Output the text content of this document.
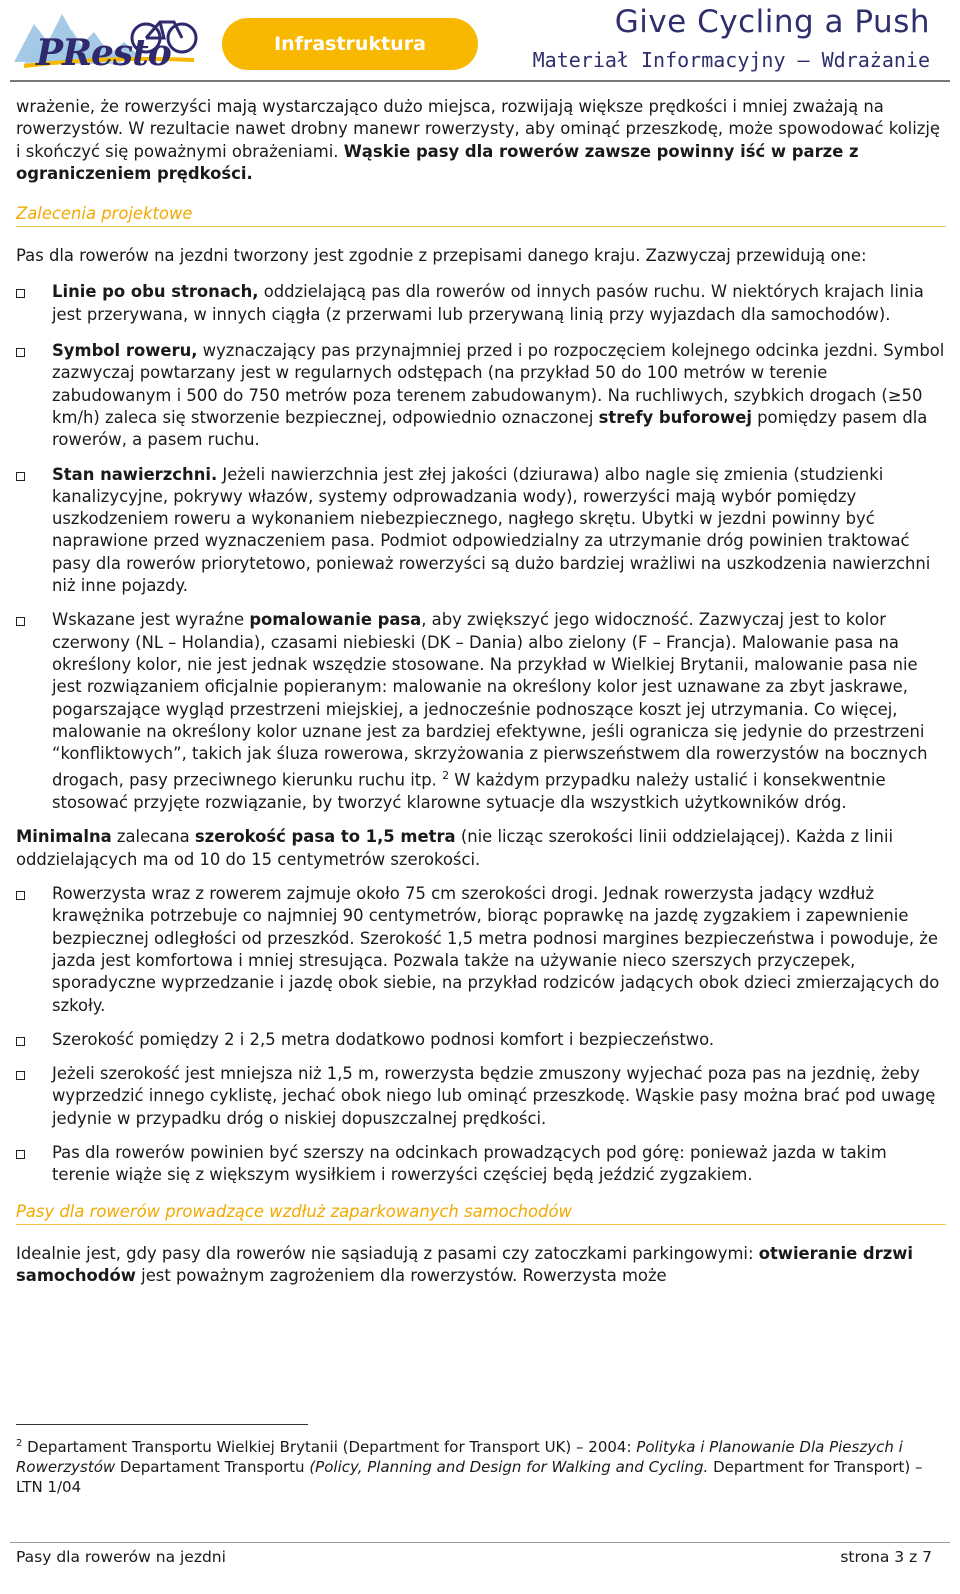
PResto	Infrastruktura
Give Cycling a Push
Materiał Informacyjny – Wdrażanie

wrażenie, że rowerzyści mają wystarczająco dużo miejsca, rozwijają większe prędkości i mniej zważają na rowerzystów. W rezultacie nawet drobny manewr rowerzysty, aby ominąć przeszkodę, może spowodować kolizję i skończyć się poważnymi obrażeniami. Wąskie pasy dla rowerów zawsze powinny iść w parze z ograniczeniem prędkości.

Zalecenia projektowe

Pas dla rowerów na jezdni tworzony jest zgodnie z przepisami danego kraju. Zazwyczaj przewidują one:

Linie po obu stronach, oddzielającą pas dla rowerów od innych pasów ruchu. W niektórych krajach linia jest przerywana, w innych ciągła (z przerwami lub przerywaną linią przy wyjazdach dla samochodów).
Symbol roweru, wyznaczający pas przynajmniej przed i po rozpoczęciem kolejnego odcinka jezdni. Symbol zazwyczaj powtarzany jest w regularnych odstępach (na przykład 50 do 100 metrów w terenie zabudowanym i 500 do 750 metrów poza terenem zabudowanym). Na ruchliwych, szybkich drogach (≥50 km/h) zaleca się stworzenie bezpiecznej, odpowiednio oznaczonej strefy buforowej pomiędzy pasem dla rowerów, a pasem ruchu.
Stan nawierzchni. Jeżeli nawierzchnia jest złej jakości (dziurawa) albo nagle się zmienia (studzienki kanalizycyjne, pokrywy włazów, systemy odprowadzania wody), rowerzyści mają wybór pomiędzy uszkodzeniem roweru a wykonaniem niebezpiecznego, nagłego skrętu. Ubytki w jezdni powinny być naprawione przed wyznaczeniem pasa. Podmiot odpowiedzialny za utrzymanie dróg powinien traktować pasy dla rowerów priorytetowo, ponieważ rowerzyści są dużo bardziej wrażliwi na uszkodzenia nawierzchni niż inne pojazdy.
Wskazane jest wyraźne pomalowanie pasa, aby zwiększyć jego widoczność. Zazwyczaj jest to kolor czerwony (NL – Holandia), czasami niebieski (DK – Dania) albo zielony (F – Francja). Malowanie pasa na określony kolor, nie jest jednak wszędzie stosowane. Na przykład w Wielkiej Brytanii, malowanie pasa nie jest rozwiązaniem oficjalnie popieranym: malowanie na określony kolor jest uznawane za zbyt jaskrawe, pogarszające wygląd przestrzeni miejskiej, a jednocześnie podnoszące koszt jej utrzymania. Co więcej, malowanie na określony kolor uznane jest za bardziej efektywne, jeśli ogranicza się jedynie do przestrzeni “konfliktowych”, takich jak śluza rowerowa, skrzyżowania z pierwszeństwem dla rowerzystów na bocznych drogach, pasy przeciwnego kierunku ruchu itp. $^2$ W każdym przypadku należy ustalić i konsekwentnie stosować przyjęte rozwiązanie, by tworzyć klarowne sytuacje dla wszystkich użytkowników dróg.

Minimalna zalecana szerokość pasa to 1,5 metra (nie licząc szerokości linii oddzielającej). Każda z linii oddzielających ma od 10 do 15 centymetrów szerokości.

Rowerzysta wraz z rowerem zajmuje około 75 cm szerokości drogi. Jednak rowerzysta jadący wzdłuż krawężnika potrzebuje co najmniej 90 centymetrów, biorąc poprawkę na jazdę zygzakiem i zapewnienie bezpiecznej odległości od przeszkód. Szerokość 1,5 metra podnosi margines bezpieczeństwa i powoduje, że jazda jest komfortowa i mniej stresująca. Pozwala także na używanie nieco szerszych przyczepek, sporadyczne wyprzedzanie i jazdę obok siebie, na przykład rodziców jadących obok dzieci zmierzających do szkoły.
Szerokość pomiędzy 2 i 2,5 metra dodatkowo podnosi komfort i bezpieczeństwo.
Jeżeli szerokość jest mniejsza niż 1,5 m, rowerzysta będzie zmuszony wyjechać poza pas na jezdnię, żeby wyprzedzić innego cyklistę, jechać obok niego lub ominąć przeszkodę. Wąskie pasy można brać pod uwagę jedynie w przypadku dróg o niskiej dopuszczalnej prędkości.
Pas dla rowerów powinien być szerszy na odcinkach prowadzących pod górę: ponieważ jazda w takim terenie wiąże się z większym wysiłkiem i rowerzyści częściej będą jeździć zygzakiem.
Pasy dla rowerów prowadzące wzdłuż zaparkowanych samochodów

Idealnie jest, gdy pasy dla rowerów nie sąsiadują z pasami czy zatoczkami parkingowymi: otwieranie drzwi samochodów jest poważnym zagrożeniem dla rowerzystów. Rowerzysta może

$^2$ Departament Transportu Wielkiej Brytanii (Department for Transport UK) – 2004: Polityka i Planowanie Dla Pieszych i Rowerzystów Departament Transportu (Policy, Planning and Design for Walking and Cycling. Department for Transport) – LTN 1/04
Pasy dla rowerów na jezdni	strona 3 z 7
